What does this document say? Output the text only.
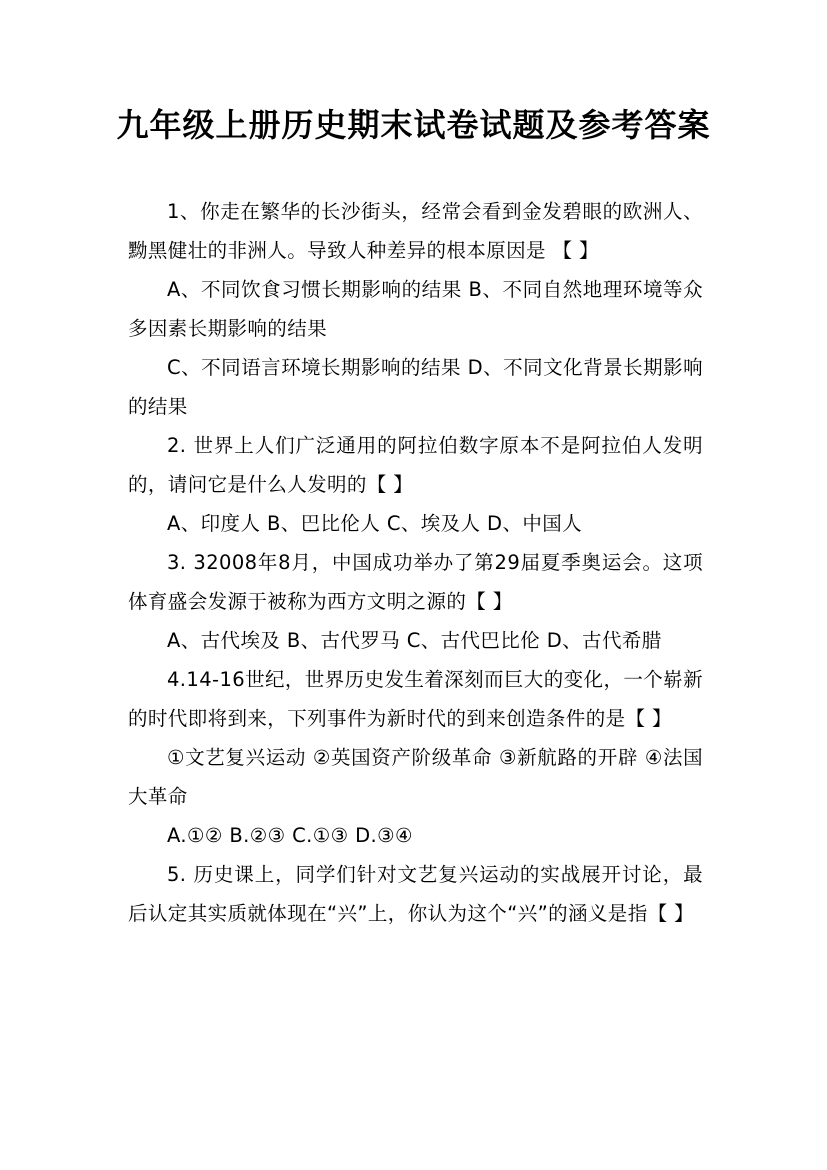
九年级上册历史期末试卷试题及参考答案

1、你走在繁华的长沙街头，经常会看到金发碧眼的欧洲人、黝黑健壮的非洲人。导致人种差异的根本原因是 【 】

A、不同饮食习惯长期影响的结果 B、不同自然地理环境等众多因素长期影响的结果

C、不同语言环境长期影响的结果 D、不同文化背景长期影响的结果

2. 世界上人们广泛通用的阿拉伯数字原本不是阿拉伯人发明的，请问它是什么人发明的【 】

A、印度人 B、巴比伦人 C、埃及人 D、中国人

3. 32008年8月，中国成功举办了第29届夏季奥运会。这项体育盛会发源于被称为西方文明之源的【 】

A、古代埃及 B、古代罗马 C、古代巴比伦 D、古代希腊

4.14-16世纪，世界历史发生着深刻而巨大的变化，一个崭新的时代即将到来，下列事件为新时代的到来创造条件的是【 】

①文艺复兴运动 ②英国资产阶级革命 ③新航路的开辟 ④法国大革命

A.①② B.②③ C.①③ D.③④

5. 历史课上，同学们针对文艺复兴运动的实战展开讨论，最后认定其实质就体现在“兴”上，你认为这个“兴”的涵义是指【 】
